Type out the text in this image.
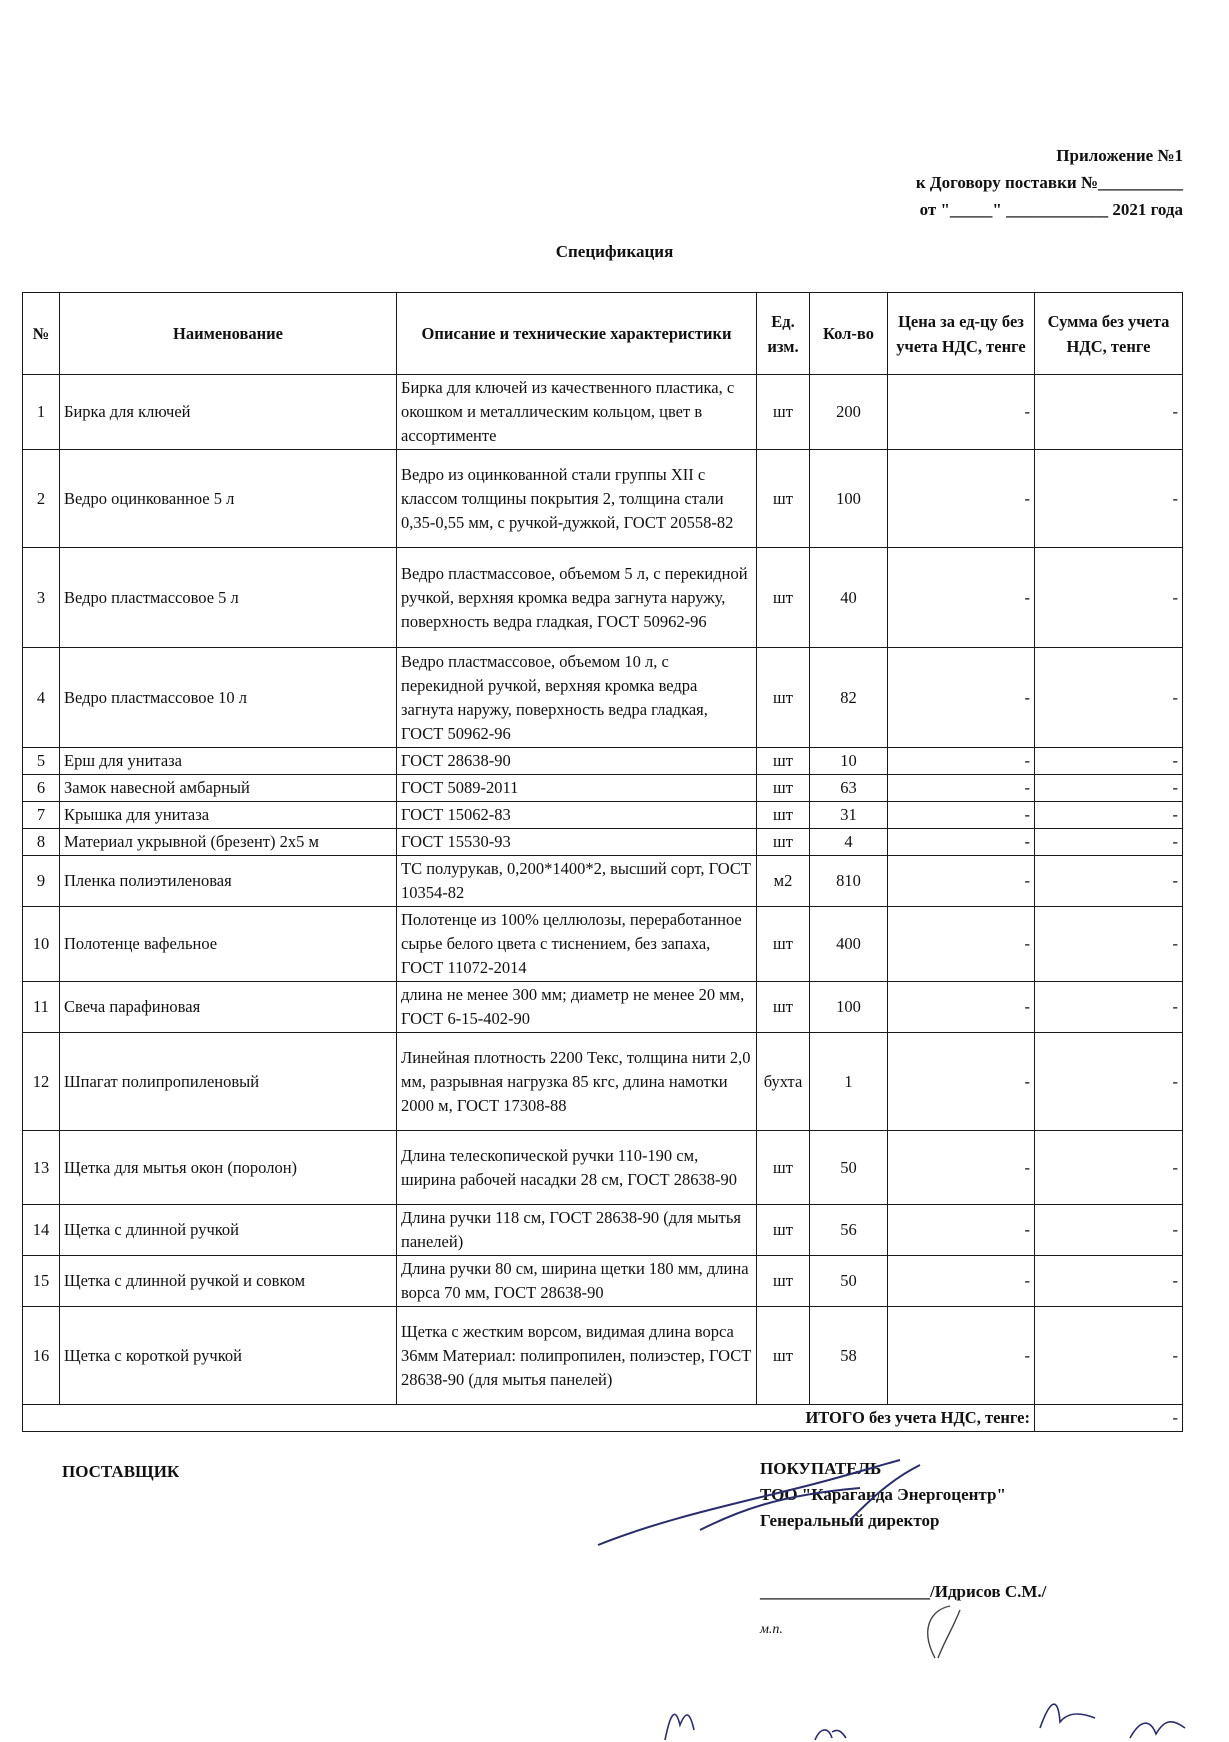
Приложение №1
к Договору поставки №__________
от "_____" ____________ 2021 года
Спецификация
№	Наименование	Описание и технические характеристики	Ед. изм.	Кол-во	Цена за ед-цу без учета НДС, тенге	Сумма без учета НДС, тенге
1	Бирка для ключей	Бирка для ключей из качественного пластика, с окошком и металлическим кольцом, цвет в ассортименте	шт	200	-	-
2	Ведро оцинкованное 5 л	Ведро из оцинкованной стали группы XII с классом толщины покрытия 2, толщина стали 0,35-0,55 мм, с ручкой-дужкой, ГОСТ 20558-82	шт	100	-	-
3	Ведро пластмассовое 5 л	Ведро пластмассовое, объемом 5 л, с перекидной ручкой, верхняя кромка ведра загнута наружу, поверхность ведра гладкая, ГОСТ 50962-96	шт	40	-	-
4	Ведро пластмассовое 10 л	Ведро пластмассовое, объемом 10 л, с перекидной ручкой, верхняя кромка ведра загнута наружу, поверхность ведра гладкая, ГОСТ 50962-96	шт	82	-	-
5	Ерш для унитаза	ГОСТ 28638-90	шт	10	-	-
6	Замок навесной амбарный	ГОСТ 5089-2011	шт	63	-	-
7	Крышка для унитаза	ГОСТ 15062-83	шт	31	-	-
8	Материал укрывной (брезент) 2х5 м	ГОСТ 15530-93	шт	4	-	-
9	Пленка полиэтиленовая	ТС полурукав, 0,200*1400*2, высший сорт, ГОСТ 10354-82	м2	810	-	-
10	Полотенце вафельное	Полотенце из 100% целлюлозы, переработанное сырье белого цвета с тиснением, без запаха, ГОСТ 11072-2014	шт	400	-	-
11	Свеча парафиновая	длина не менее 300 мм; диаметр не менее 20 мм, ГОСТ 6-15-402-90	шт	100	-	-
12	Шпагат полипропиленовый	Линейная плотность 2200 Текс, толщина нити 2,0 мм, разрывная нагрузка 85 кгс, длина намотки 2000 м, ГОСТ 17308-88	бухта	1	-	-
13	Щетка для мытья окон (поролон)	Длина телескопической ручки 110-190 см, ширина рабочей насадки 28 см, ГОСТ 28638-90	шт	50	-	-
14	Щетка с длинной ручкой	Длина ручки 118 см, ГОСТ 28638-90 (для мытья панелей)	шт	56	-	-
15	Щетка с длинной ручкой и совком	Длина ручки 80 см, ширина щетки 180 мм, длина ворса 70 мм, ГОСТ 28638-90	шт	50	-	-
16	Щетка с короткой ручкой	Щетка с жестким ворсом, видимая длина ворса 36мм Материал: полипропилен, полиэстер, ГОСТ 28638-90 (для мытья панелей)	шт	58	-	-
ИТОГО без учета НДС, тенге:						-
ПОСТАВЩИК	ПОКУПАТЕЛЬ
ТОО "Караганда Энергоцентр"
Генеральный директор
____________________/Идрисов С.М./
м.п.
